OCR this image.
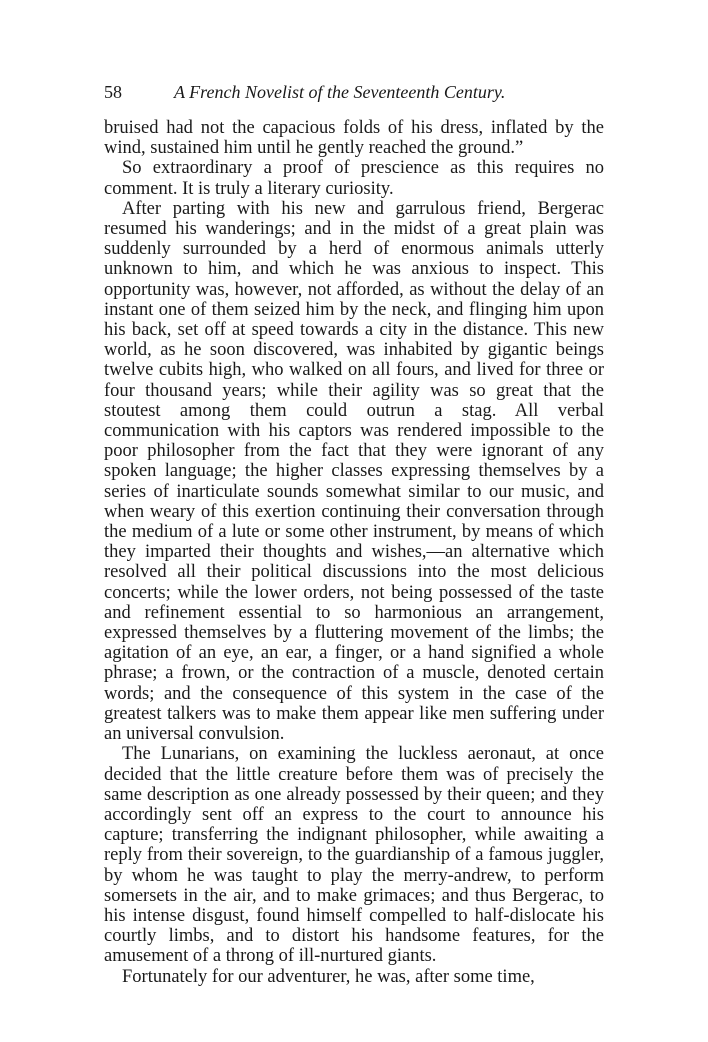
58	A French Novelist of the Seventeenth Century.

bruised had not the capacious folds of his dress, inflated by the wind, sustained him until he gently reached the ground.”

So extraordinary a proof of prescience as this requires no comment. It is truly a literary curiosity.

After parting with his new and garrulous friend, Bergerac resumed his wanderings; and in the midst of a great plain was suddenly surrounded by a herd of enormous animals utterly unknown to him, and which he was anxious to inspect. This opportunity was, however, not afforded, as without the delay of an instant one of them seized him by the neck, and flinging him upon his back, set off at speed towards a city in the distance. This new world, as he soon discovered, was inhabited by gigantic beings twelve cubits high, who walked on all fours, and lived for three or four thousand years; while their agility was so great that the stoutest among them could outrun a stag. All verbal communication with his captors was rendered impossible to the poor philosopher from the fact that they were ignorant of any spoken language; the higher classes expressing themselves by a series of inarticulate sounds somewhat similar to our music, and when weary of this exertion continuing their conversation through the medium of a lute or some other instrument, by means of which they imparted their thoughts and wishes,—an alternative which resolved all their political discussions into the most delicious concerts; while the lower orders, not being possessed of the taste and refinement essential to so harmonious an arrangement, expressed themselves by a fluttering movement of the limbs; the agitation of an eye, an ear, a finger, or a hand signified a whole phrase; a frown, or the contraction of a muscle, denoted certain words; and the consequence of this system in the case of the greatest talkers was to make them appear like men suffering under an universal convulsion.

The Lunarians, on examining the luckless aeronaut, at once decided that the little creature before them was of precisely the same description as one already possessed by their queen; and they accordingly sent off an express to the court to announce his capture; transferring the indignant philosopher, while awaiting a reply from their sovereign, to the guardianship of a famous juggler, by whom he was taught to play the merry-andrew, to perform somersets in the air, and to make grimaces; and thus Bergerac, to his intense disgust, found himself compelled to half-dislocate his courtly limbs, and to distort his handsome features, for the amusement of a throng of ill-nurtured giants.

Fortunately for our adventurer, he was, after some time,
